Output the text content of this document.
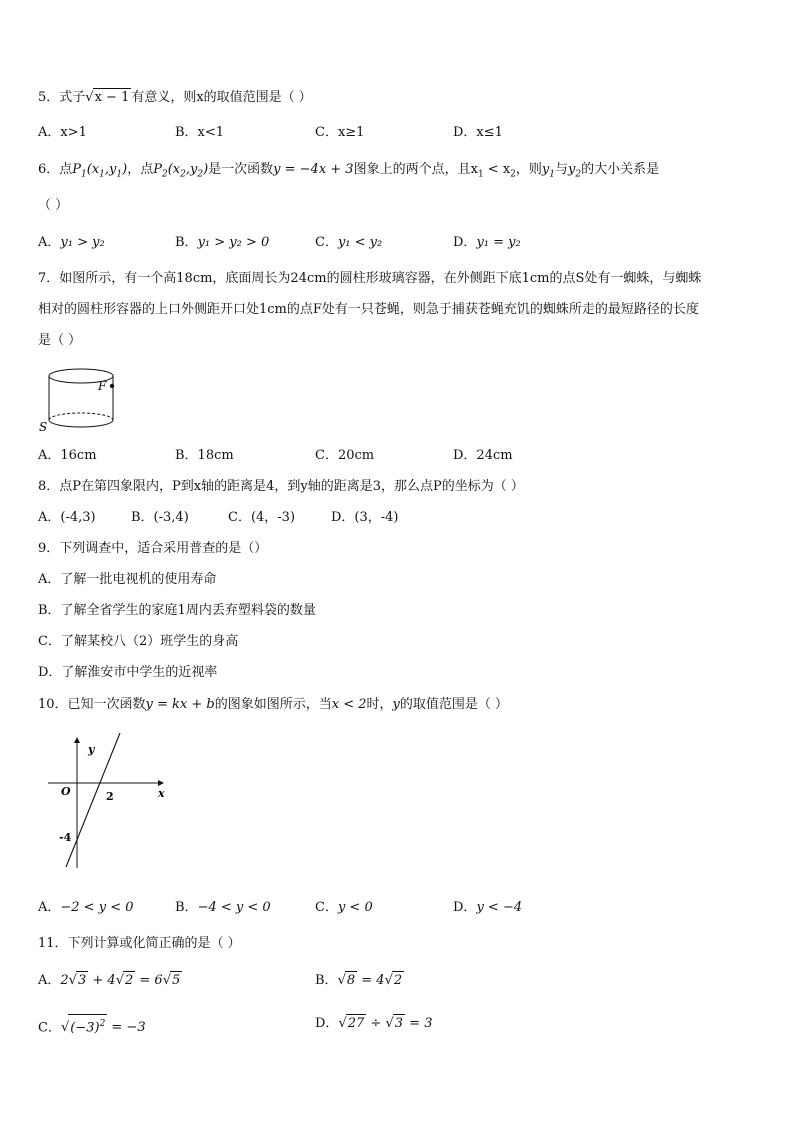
5．式子√x − 1 有意义，则x的取值范围是（ ）
A．x>1	B．x<1	C．x≥1	D．x≤1
6．点$P_1(x_1,y_1)$，点$P_2(x_2,y_2)$是一次函数y = −4x + 3图象上的两个点，且$x_1 < x_2$，则$y_1$与$y_2$的大小关系是
（ ）
A．y₁ > y₂	B．y₁ > y₂ > 0	C．y₁ < y₂	D．y₁ = y₂
7．如图所示，有一个高18cm，底面周长为24cm的圆柱形玻璃容器，在外侧距下底1cm的点S处有一蜘蛛，与蜘蛛
相对的圆柱形容器的上口外侧距开口处1cm的点F处有一只苍蝇，则急于捕获苍蝇充饥的蜘蛛所走的最短路径的长度
是（ ）
F
S
A．16cm	B．18cm	C．20cm	D．24cm
8．点P在第四象限内，P到x轴的距离是4，到y轴的距离是3，那么点P的坐标为（ ）
A．(-4,3)	B．(-3,4)	C．(4，-3)	D．(3，-4)
9．下列调查中，适合采用普查的是（）
A．了解一批电视机的使用寿命
B．了解全省学生的家庭1周内丢弃塑料袋的数量
C．了解某校八（2）班学生的身高
D．了解淮安市中学生的近视率
10．已知一次函数y = kx + b的图象如图所示，当x < 2时，y的取值范围是（ ）
y
x
O	2
-4
A．−2 < y < 0	B．−4 < y < 0	C．y < 0	D．y < −4
11．下列计算或化简正确的是（ ）
A．2√3 + 4√2 = 6√5	B．√8 = 4√2
C．$√(-3)^2 = -3$	D．√27 ÷ √3 = 3
